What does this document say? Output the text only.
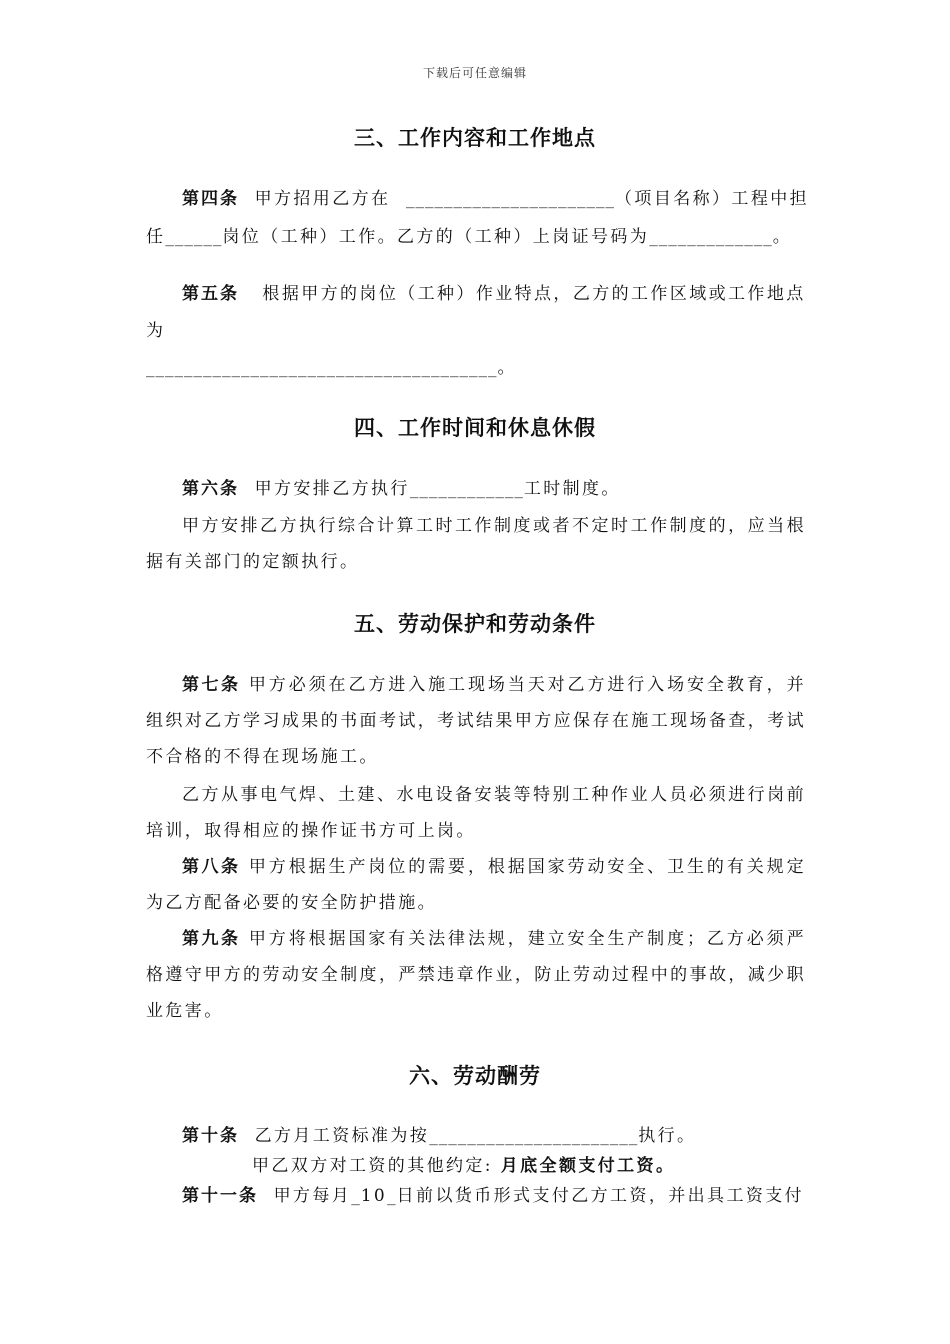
下载后可任意编辑
三、工作内容和工作地点
第四条 甲方招用乙方在 ______________________（项目名称）工程中担
任______岗位（工种）工作。乙方的（工种）上岗证号码为_____________。
第五条 根据甲方的岗位（工种）作业特点，乙方的工作区域或工作地点
为
_____________________________________。
四、工作时间和休息休假
第六条 甲方安排乙方执行____________工时制度。
甲方安排乙方执行综合计算工时工作制度或者不定时工作制度的，应当根据有关部门的定额执行。
五、劳动保护和劳动条件
第七条 甲方必须在乙方进入施工现场当天对乙方进行入场安全教育，并组织对乙方学习成果的书面考试，考试结果甲方应保存在施工现场备查，考试不合格的不得在现场施工。
乙方从事电气焊、土建、水电设备安装等特别工种作业人员必须进行岗前培训，取得相应的操作证书方可上岗。
第八条 甲方根据生产岗位的需要，根据国家劳动安全、卫生的有关规定为乙方配备必要的安全防护措施。
第九条 甲方将根据国家有关法律法规，建立安全生产制度；乙方必须严格遵守甲方的劳动安全制度，严禁违章作业，防止劳动过程中的事故，减少职业危害。
六、劳动酬劳
第十条 乙方月工资标准为按______________________执行。
甲乙双方对工资的其他约定: 月底全额支付工资。
第十一条 甲方每月_10_日前以货币形式支付乙方工资，并出具工资支付
